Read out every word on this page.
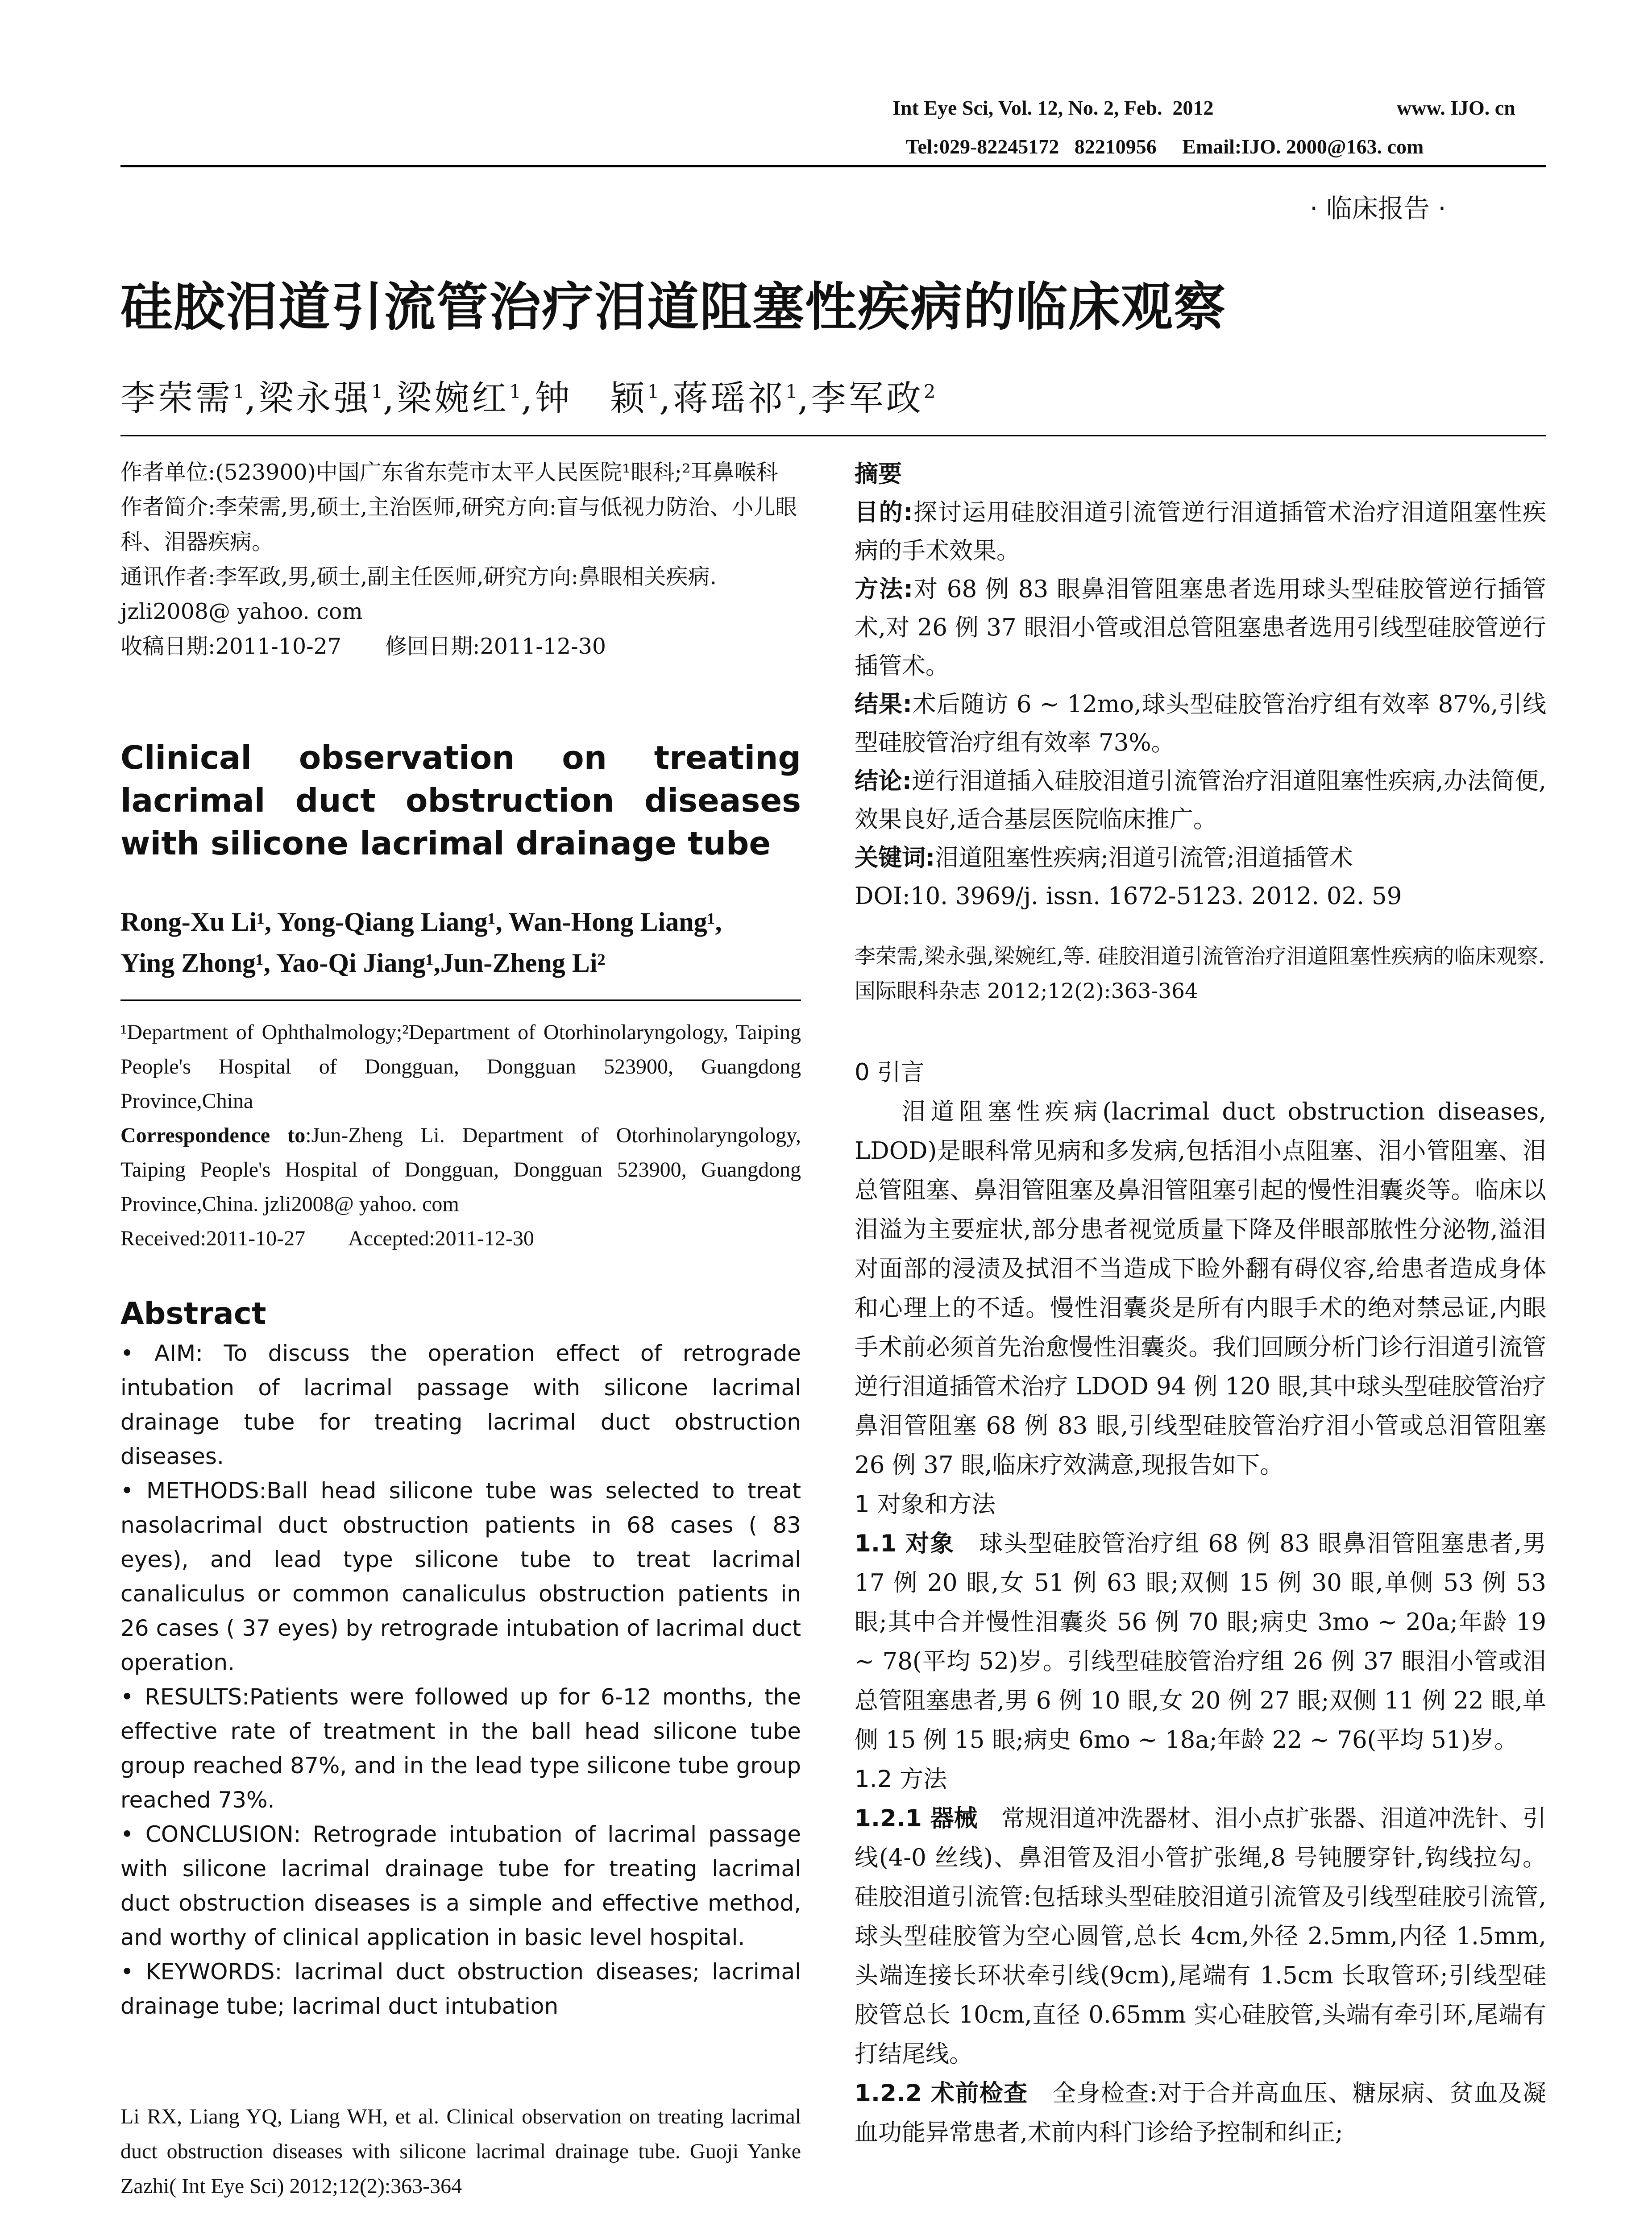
Int Eye Sci, Vol. 12, No. 2, Feb.  2012	www. IJO. cn
Tel:029-82245172   82210956     Email:IJO. 2000@163. com
· 临床报告 ·
硅胶泪道引流管治疗泪道阻塞性疾病的临床观察
李荣需$^1$,梁永强$^1$,梁婉红$^1$,钟　颖$^1$,蒋瑶祁$^1$,李军政$^2$

作者单位:(523900)中国广东省东莞市太平人民医院¹眼科;²耳鼻喉科

作者简介:李荣需,男,硕士,主治医师,研究方向:盲与低视力防治、小儿眼科、泪器疾病。

通讯作者:李军政,男,硕士,副主任医师,研究方向:鼻眼相关疾病. jzli2008@ yahoo. com

收稿日期:2011-10-27　　修回日期:2011-12-30

Clinical observation on treating lacrimal duct obstruction diseases with silicone lacrimal drainage tube
Rong-Xu Li¹, Yong-Qiang Liang¹, Wan-Hong Liang¹,
Ying Zhong¹, Yao-Qi Jiang¹,Jun-Zheng Li²

¹Department of Ophthalmology;²Department of Otorhinolaryngology, Taiping People's Hospital of Dongguan, Dongguan 523900, Guangdong Province,China

Correspondence to:Jun-Zheng Li. Department of Otorhinolaryngology, Taiping People's Hospital of Dongguan, Dongguan 523900, Guangdong Province,China. jzli2008@ yahoo. com

Received:2011-10-27　　Accepted:2011-12-30

Abstract

• AIM: To discuss the operation effect of retrograde intubation of lacrimal passage with silicone lacrimal drainage tube for treating lacrimal duct obstruction diseases.

• METHODS:Ball head silicone tube was selected to treat nasolacrimal duct obstruction patients in 68 cases ( 83 eyes), and lead type silicone tube to treat lacrimal canaliculus or common canaliculus obstruction patients in 26 cases ( 37 eyes) by retrograde intubation of lacrimal duct operation.

• RESULTS:Patients were followed up for 6-12 months, the effective rate of treatment in the ball head silicone tube group reached 87%, and in the lead type silicone tube group reached 73%.

• CONCLUSION: Retrograde intubation of lacrimal passage with silicone lacrimal drainage tube for treating lacrimal duct obstruction diseases is a simple and effective method, and worthy of clinical application in basic level hospital.

• KEYWORDS: lacrimal duct obstruction diseases; lacrimal drainage tube; lacrimal duct intubation

Li RX, Liang YQ, Liang WH, et al. Clinical observation on treating lacrimal duct obstruction diseases with silicone lacrimal drainage tube. Guoji Yanke Zazhi( Int Eye Sci) 2012;12(2):363-364

摘要

目的:探讨运用硅胶泪道引流管逆行泪道插管术治疗泪道阻塞性疾病的手术效果。

方法:对 68 例 83 眼鼻泪管阻塞患者选用球头型硅胶管逆行插管术,对 26 例 37 眼泪小管或泪总管阻塞患者选用引线型硅胶管逆行插管术。

结果:术后随访 6 ~ 12mo,球头型硅胶管治疗组有效率 87%,引线型硅胶管治疗组有效率 73%。

结论:逆行泪道插入硅胶泪道引流管治疗泪道阻塞性疾病,办法简便,效果良好,适合基层医院临床推广。

关键词:泪道阻塞性疾病;泪道引流管;泪道插管术

DOI:10. 3969/j. issn. 1672-5123. 2012. 02. 59

李荣需,梁永强,梁婉红,等. 硅胶泪道引流管治疗泪道阻塞性疾病的临床观察. 国际眼科杂志 2012;12(2):363-364

0 引言

泪道阻塞性疾病(lacrimal duct obstruction diseases, LDOD)是眼科常见病和多发病,包括泪小点阻塞、泪小管阻塞、泪总管阻塞、鼻泪管阻塞及鼻泪管阻塞引起的慢性泪囊炎等。临床以泪溢为主要症状,部分患者视觉质量下降及伴眼部脓性分泌物,溢泪对面部的浸渍及拭泪不当造成下睑外翻有碍仪容,给患者造成身体和心理上的不适。慢性泪囊炎是所有内眼手术的绝对禁忌证,内眼手术前必须首先治愈慢性泪囊炎。我们回顾分析门诊行泪道引流管逆行泪道插管术治疗 LDOD 94 例 120 眼,其中球头型硅胶管治疗鼻泪管阻塞 68 例 83 眼,引线型硅胶管治疗泪小管或总泪管阻塞 26 例 37 眼,临床疗效满意,现报告如下。

1 对象和方法

1.1 对象　球头型硅胶管治疗组 68 例 83 眼鼻泪管阻塞患者,男 17 例 20 眼,女 51 例 63 眼;双侧 15 例 30 眼,单侧 53 例 53 眼;其中合并慢性泪囊炎 56 例 70 眼;病史 3mo ~ 20a;年龄 19 ~ 78(平均 52)岁。引线型硅胶管治疗组 26 例 37 眼泪小管或泪总管阻塞患者,男 6 例 10 眼,女 20 例 27 眼;双侧 11 例 22 眼,单侧 15 例 15 眼;病史 6mo ~ 18a;年龄 22 ~ 76(平均 51)岁。

1.2 方法

1.2.1 器械　常规泪道冲洗器材、泪小点扩张器、泪道冲洗针、引线(4-0 丝线)、鼻泪管及泪小管扩张绳,8 号钝腰穿针,钩线拉勾。硅胶泪道引流管:包括球头型硅胶泪道引流管及引线型硅胶引流管,球头型硅胶管为空心圆管,总长 4cm,外径 2.5mm,内径 1.5mm,头端连接长环状牵引线(9cm),尾端有 1.5cm 长取管环;引线型硅胶管总长 10cm,直径 0.65mm 实心硅胶管,头端有牵引环,尾端有打结尾线。

1.2.2 术前检查　全身检查:对于合并高血压、糖尿病、贫血及凝血功能异常患者,术前内科门诊给予控制和纠正;
